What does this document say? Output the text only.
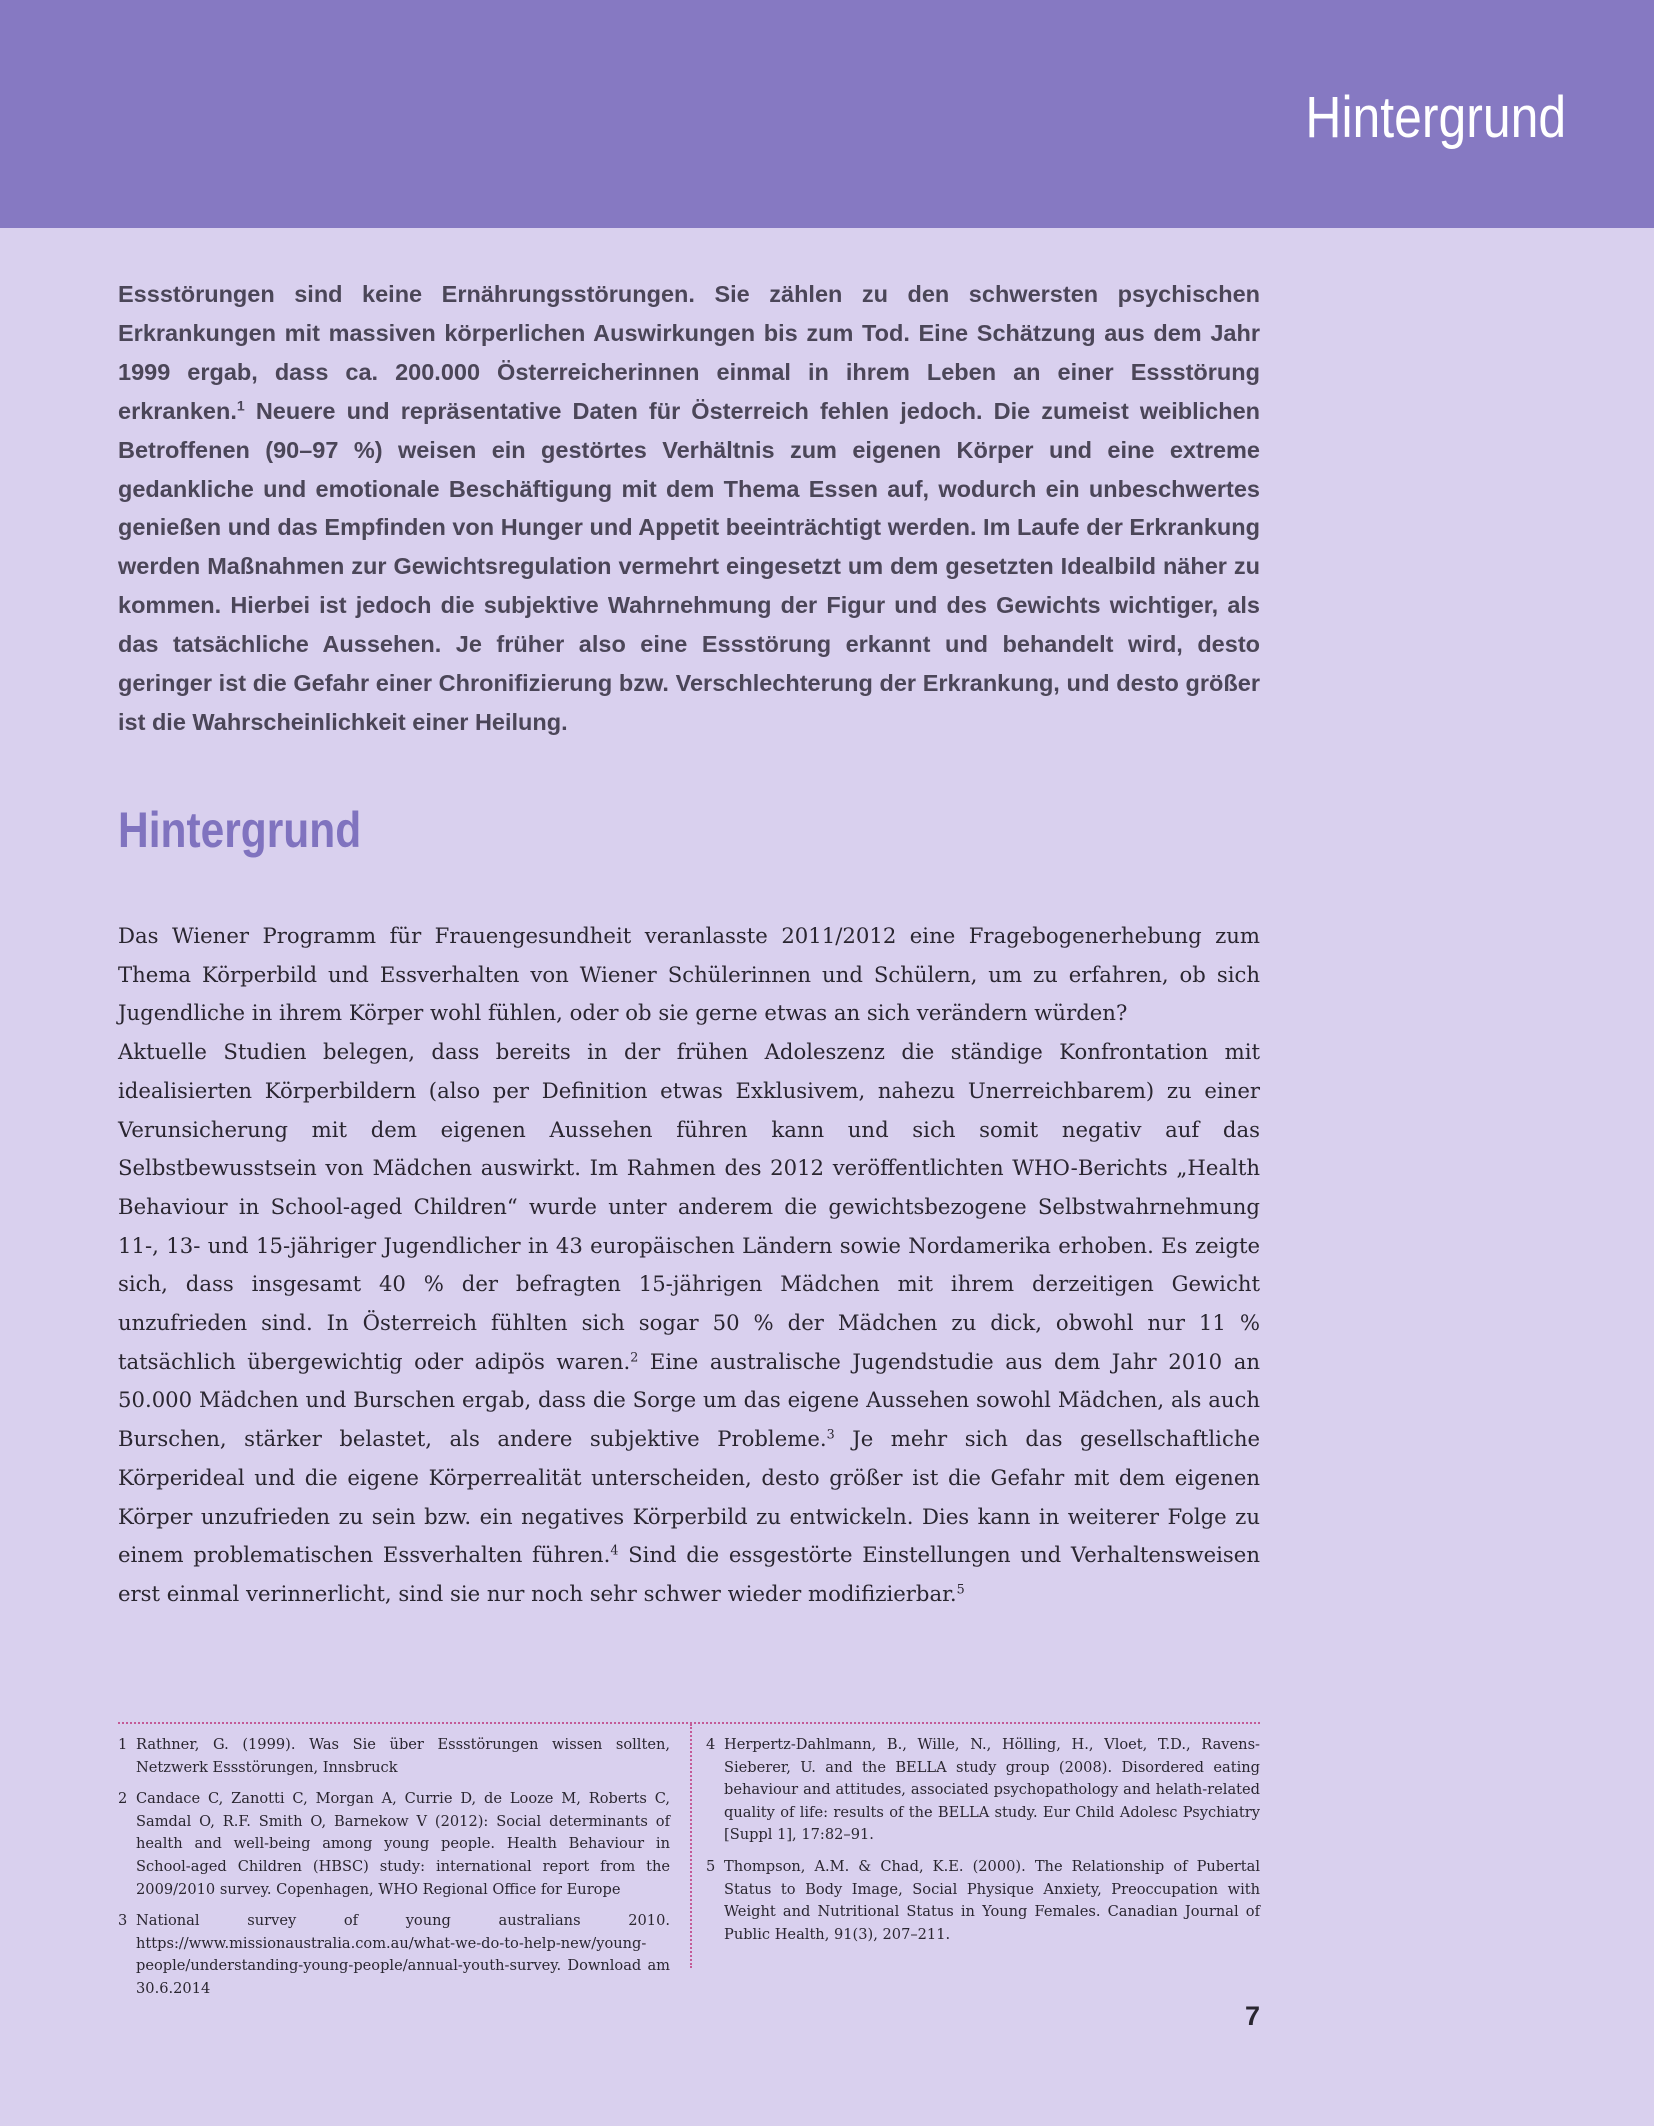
Hintergrund

Essstörungen sind keine Ernährungsstörungen. Sie zählen zu den schwersten psychischen Erkrankungen mit massiven körperlichen Auswirkungen bis zum Tod. Eine Schätzung aus dem Jahr 1999 ergab, dass ca. 200.000 Österreicherinnen einmal in ihrem Leben an einer Essstörung erkranken.$^1$ Neuere und repräsentative Daten für Österreich fehlen jedoch. Die zumeist weiblichen Betroffenen (90–97 %) weisen ein gestörtes Verhältnis zum eigenen Körper und eine extreme gedankliche und emotionale Beschäftigung mit dem Thema Essen auf, wodurch ein unbeschwertes genießen und das Empfinden von Hunger und Appetit beeinträchtigt werden. Im Laufe der Erkrankung werden Maßnahmen zur Gewichtsregulation vermehrt eingesetzt um dem gesetzten Idealbild näher zu kommen. Hierbei ist jedoch die subjektive Wahrnehmung der Figur und des Gewichts wichtiger, als das tatsächliche Aussehen. Je früher also eine Essstörung erkannt und behandelt wird, desto geringer ist die Gefahr einer Chronifizierung bzw. Verschlechterung der Erkrankung, und desto größer ist die Wahrscheinlichkeit einer Heilung.

Hintergrund

Das Wiener Programm für Frauengesundheit veranlasste 2011/2012 eine Fragebogenerhebung zum Thema Körperbild und Essverhalten von Wiener Schülerinnen und Schülern, um zu erfahren, ob sich Jugendliche in ihrem Körper wohl fühlen, oder ob sie gerne etwas an sich verändern würden?

Aktuelle Studien belegen, dass bereits in der frühen Adoleszenz die ständige Konfrontation mit idealisierten Körperbildern (also per Definition etwas Exklusivem, nahezu Unerreichbarem) zu einer Verunsicherung mit dem eigenen Aussehen führen kann und sich somit negativ auf das Selbstbewusstsein von Mädchen auswirkt. Im Rahmen des 2012 veröffentlichten WHO-Berichts „Health Behaviour in School-aged Children“ wurde unter anderem die gewichtsbezogene Selbstwahrnehmung 11-, 13- und 15-jähriger Jugendlicher in 43 europäischen Ländern sowie Nordamerika erhoben. Es zeigte sich, dass insgesamt 40 % der befragten 15-jährigen Mädchen mit ihrem derzeitigen Gewicht unzufrieden sind. In Österreich fühlten sich sogar 50 % der Mädchen zu dick, obwohl nur 11 % tatsächlich übergewichtig oder adipös waren.$^2$ Eine australische Jugendstudie aus dem Jahr 2010 an 50.000 Mädchen und Burschen ergab, dass die Sorge um das eigene Aussehen sowohl Mädchen, als auch Burschen, stärker belastet, als andere subjektive Probleme.$^3$ Je mehr sich das gesellschaftliche Körperideal und die eigene Körperrealität unterscheiden, desto größer ist die Gefahr mit dem eigenen Körper unzufrieden zu sein bzw. ein negatives Körperbild zu entwickeln. Dies kann in weiterer Folge zu einem problematischen Essverhalten führen.$^4$ Sind die essgestörte Einstellungen und Verhaltensweisen erst einmal verinnerlicht, sind sie nur noch sehr schwer wieder modifizierbar.$^5$

1 Rathner, G. (1999). Was Sie über Essstörungen wissen sollten, Netzwerk Essstörungen, Innsbruck
2 Candace C, Zanotti C, Morgan A, Currie D, de Looze M, Roberts C, Samdal O, R.F. Smith O, Barnekow V (2012): Social determinants of health and well-being among young people. Health Behaviour in School-aged Children (HBSC) study: international report from the 2009/2010 survey. Copenhagen, WHO Regional Office for Europe
3 National survey of young australians 2010. https://www.missionaustralia.com.au/what-we-do-to-help-new/young-people/understanding-young-people/annual-youth-survey. Download am 30.6.2014
4 Herpertz-Dahlmann, B., Wille, N., Hölling, H., Vloet, T.D., Ravens-Sieberer, U. and the BELLA study group (2008). Disordered eating behaviour and attitudes, associated psychopathology and helath-related quality of life: results of the BELLA study. Eur Child Adolesc Psychiatry [Suppl 1], 17:82–91.
5 Thompson, A.M. & Chad, K.E. (2000). The Relationship of Pubertal Status to Body Image, Social Physique Anxiety, Preoccupation with Weight and Nutritional Status in Young Females. Canadian Journal of Public Health, 91(3), 207–211.

7
